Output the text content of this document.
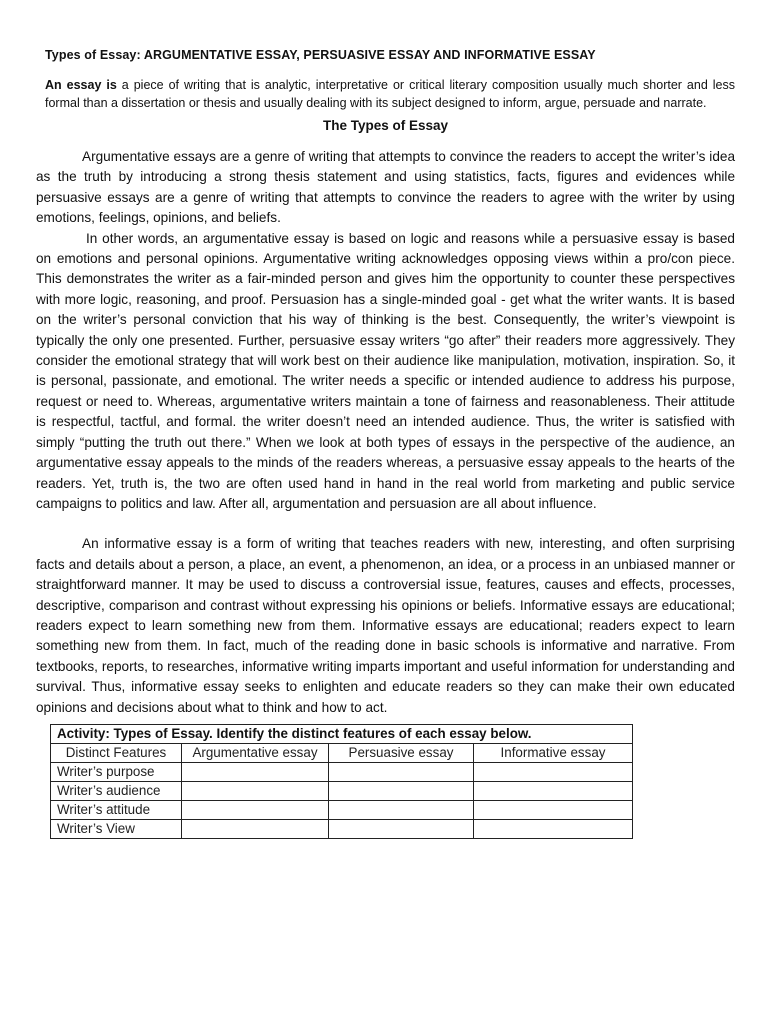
Types of Essay: ARGUMENTATIVE ESSAY, PERSUASIVE ESSAY AND INFORMATIVE ESSAY

An essay is a piece of writing that is analytic, interpretative or critical literary composition usually much shorter and less formal than a dissertation or thesis and usually dealing with its subject designed to inform, argue, persuade and narrate.

The Types of Essay

Argumentative essays are a genre of writing that attempts to convince the readers to accept the writer’s idea as the truth by introducing a strong thesis statement and using statistics, facts, figures and evidences while persuasive essays are a genre of writing that attempts to convince the readers to agree with the writer by using emotions, feelings, opinions, and beliefs.

In other words, an argumentative essay is based on logic and reasons while a persuasive essay is based on emotions and personal opinions. Argumentative writing acknowledges opposing views within a pro/con piece. This demonstrates the writer as a fair-minded person and gives him the opportunity to counter these perspectives with more logic, reasoning, and proof. Persuasion has a single-minded goal - get what the writer wants. It is based on the writer’s personal conviction that his way of thinking is the best. Consequently, the writer’s viewpoint is typically the only one presented. Further, persuasive essay writers “go after” their readers more aggressively. They consider the emotional strategy that will work best on their audience like manipulation, motivation, inspiration. So, it is personal, passionate, and emotional. The writer needs a specific or intended audience to address his purpose, request or need to. Whereas, argumentative writers maintain a tone of fairness and reasonableness. Their attitude is respectful, tactful, and formal. the writer doesn’t need an intended audience. Thus, the writer is satisfied with simply “putting the truth out there.” When we look at both types of essays in the perspective of the audience, an argumentative essay appeals to the minds of the readers whereas, a persuasive essay appeals to the hearts of the readers. Yet, truth is, the two are often used hand in hand in the real world from marketing and public service campaigns to politics and law. After all, argumentation and persuasion are all about influence.

An informative essay is a form of writing that teaches readers with new, interesting, and often surprising facts and details about a person, a place, an event, a phenomenon, an idea, or a process in an unbiased manner or straightforward manner. It may be used to discuss a controversial issue, features, causes and effects, processes, descriptive, comparison and contrast without expressing his opinions or beliefs. Informative essays are educational; readers expect to learn something new from them. Informative essays are educational; readers expect to learn something new from them. In fact, much of the reading done in basic schools is informative and narrative. From textbooks, reports, to researches, informative writing imparts important and useful information for understanding and survival. Thus, informative essay seeks to enlighten and educate readers so they can make their own educated opinions and decisions about what to think and how to act.

Activity: Types of Essay. Identify the distinct features of each essay below.			
Distinct Features	Argumentative essay	Persuasive essay	Informative essay
Writer’s purpose			
Writer’s audience			
Writer’s attitude			
Writer’s View			
